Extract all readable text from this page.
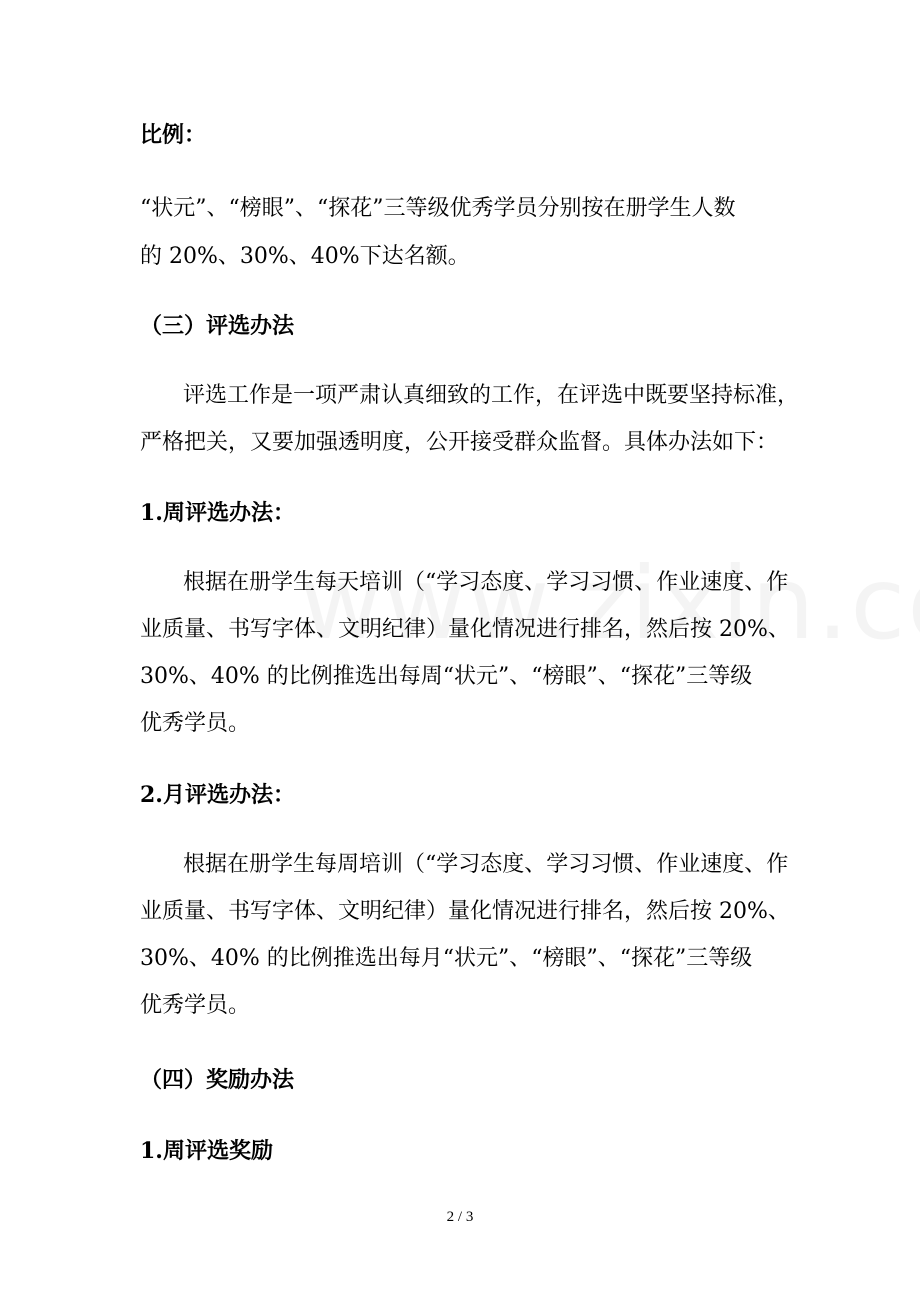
比例：
“状元”、“榜眼”、“探花”三等级优秀学员分别按在册学生人数
的 20%、30%、40%下达名额。
（三）评选办法
评选工作是一项严肃认真细致的工作，在评选中既要坚持标准，
严格把关，又要加强透明度，公开接受群众监督。具体办法如下：
1.周评选办法：
根据在册学生每天培训（“学习态度、学习习惯、作业速度、作
业质量、书写字体、文明纪律）量化情况进行排名，然后按 20%、
30%、40% 的比例推选出每周“状元”、“榜眼”、“探花”三等级
优秀学员。
2.月评选办法：
根据在册学生每周培训（“学习态度、学习习惯、作业速度、作
业质量、书写字体、文明纪律）量化情况进行排名，然后按 20%、
30%、40% 的比例推选出每月“状元”、“榜眼”、“探花”三等级
优秀学员。
（四）奖励办法
1.周评选奖励
2 / 3
